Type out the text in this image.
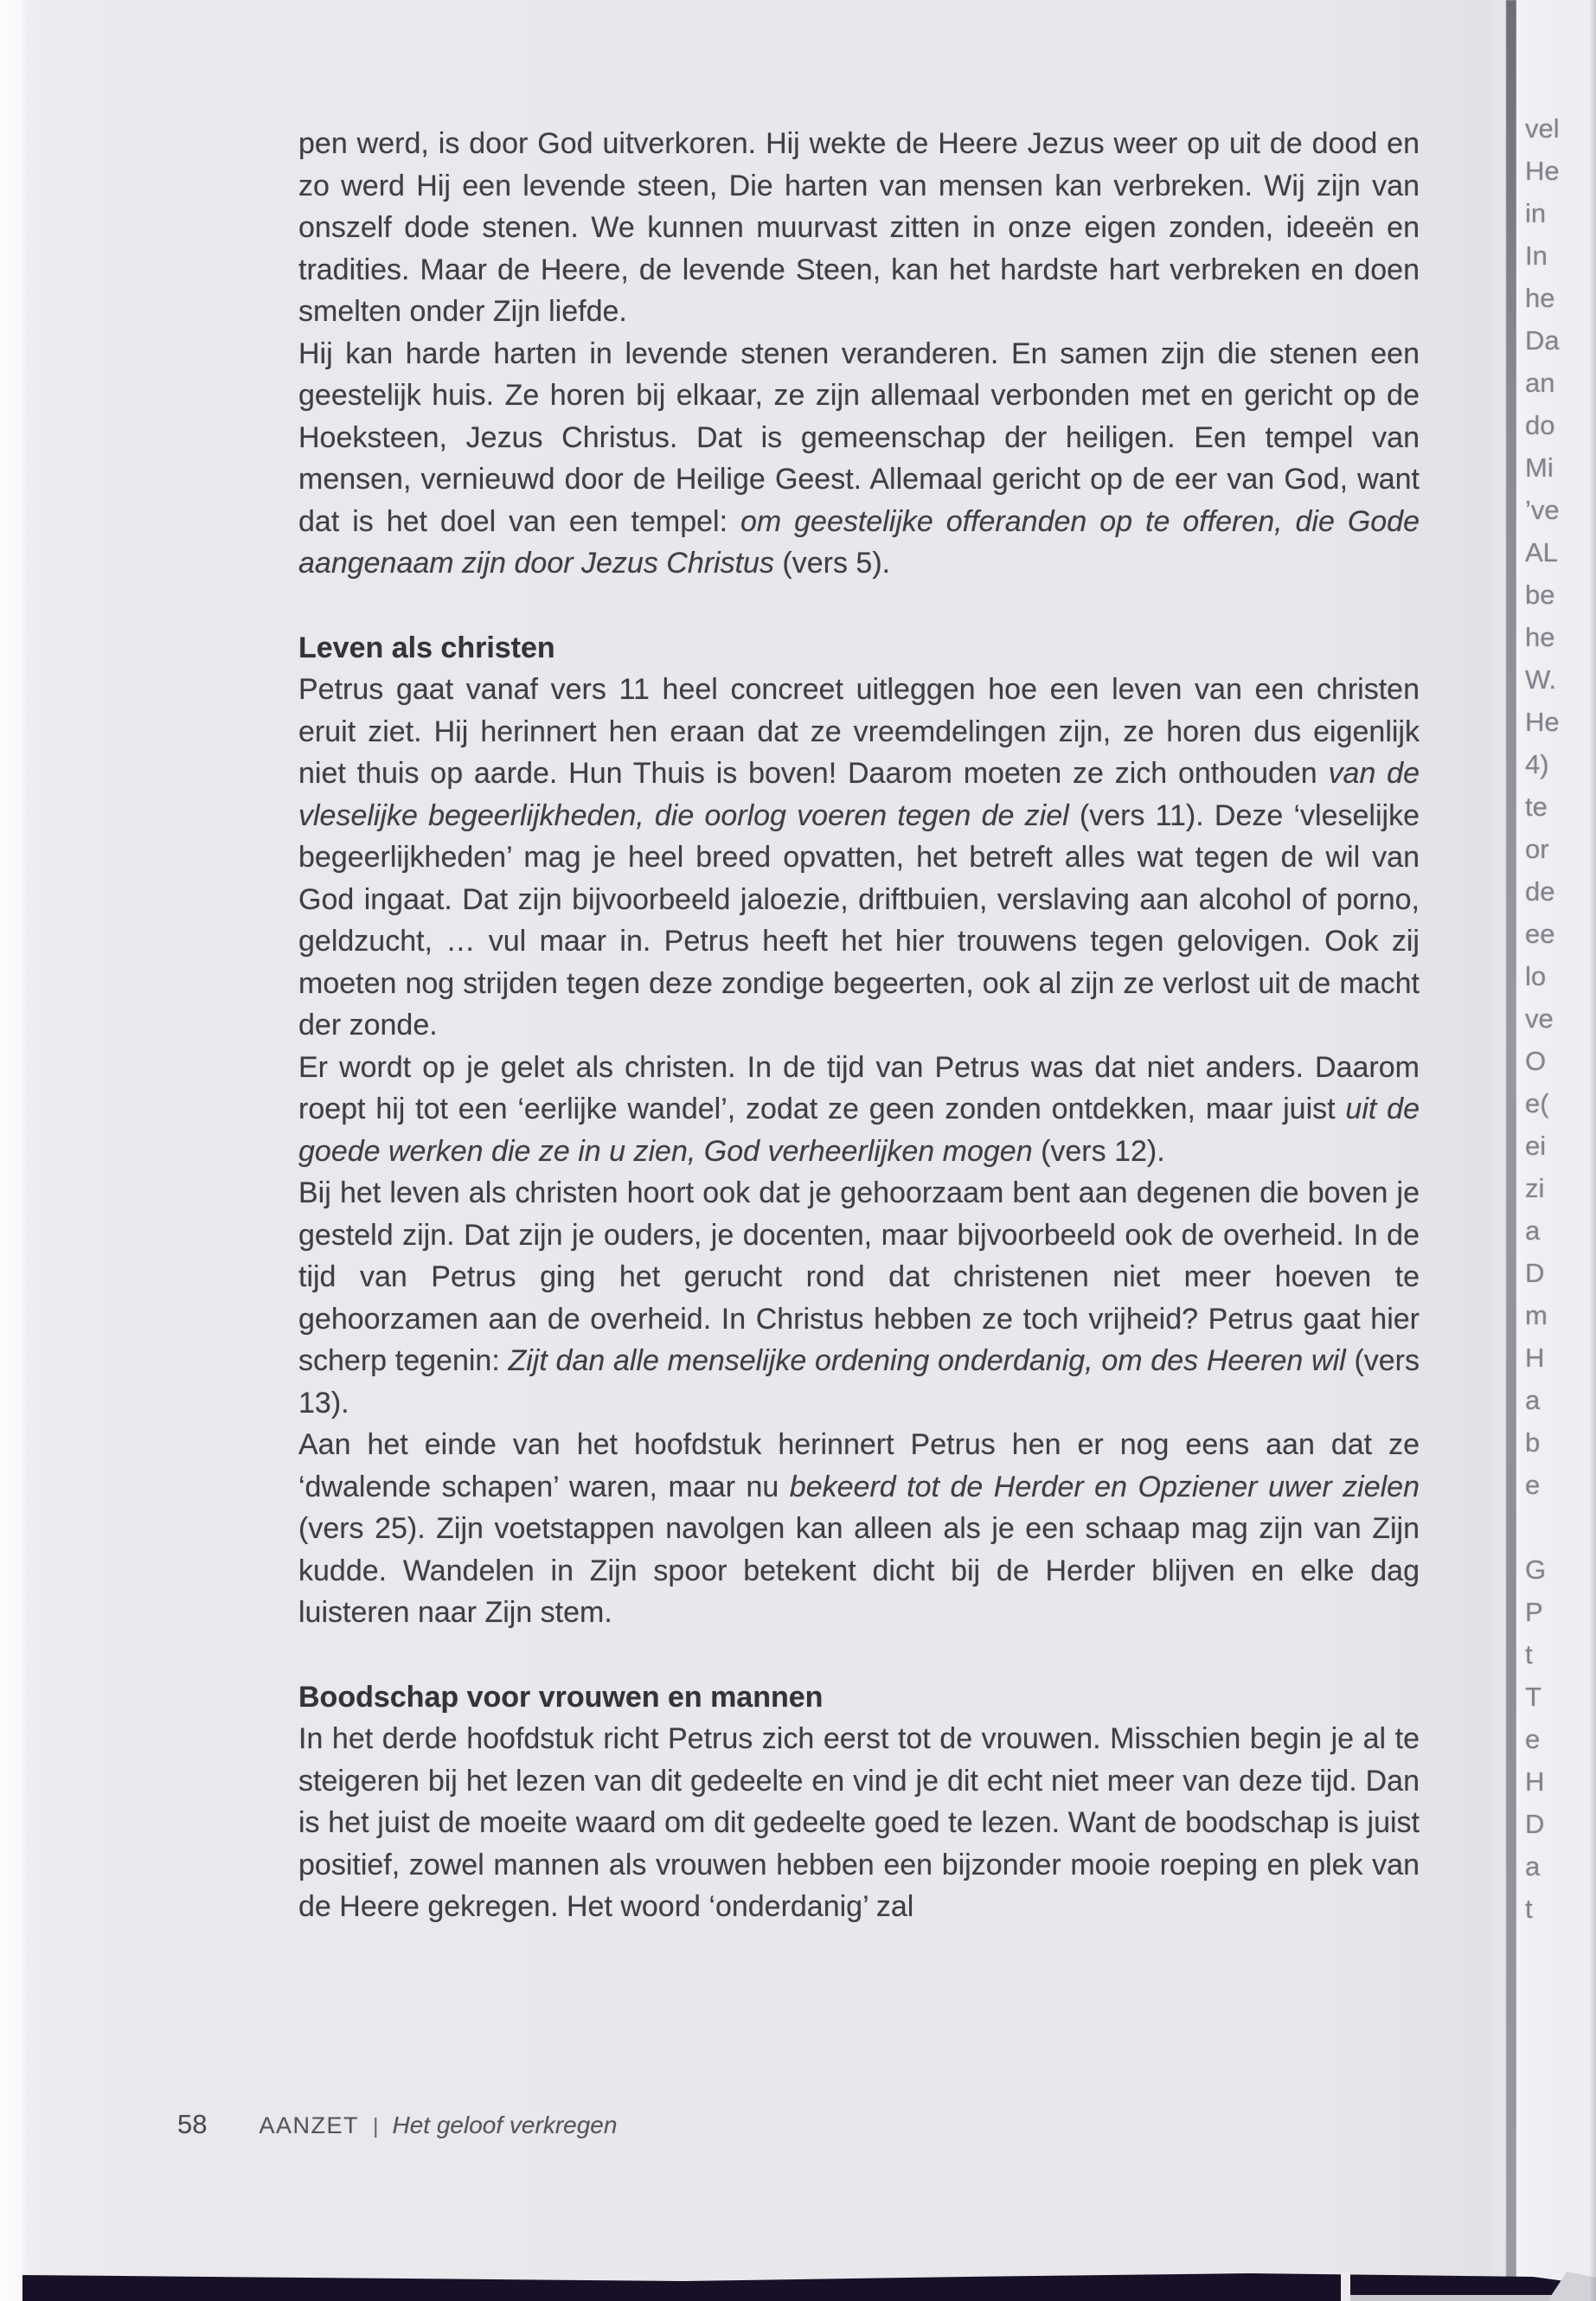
pen werd, is door God uitverkoren. Hij wekte de Heere Jezus weer op uit de dood en zo werd Hij een levende steen, Die harten van mensen kan verbreken. Wij zijn van onszelf dode stenen. We kunnen muurvast zitten in onze eigen zonden, ideeën en tradities. Maar de Heere, de levende Steen, kan het hardste hart verbreken en doen smelten onder Zijn liefde.

Hij kan harde harten in levende stenen veranderen. En samen zijn die stenen een geestelijk huis. Ze horen bij elkaar, ze zijn allemaal verbonden met en gericht op de Hoeksteen, Jezus Christus. Dat is gemeenschap der heiligen. Een tempel van mensen, vernieuwd door de Heilige Geest. Allemaal gericht op de eer van God, want dat is het doel van een tempel: om geestelijke offeranden op te offeren, die Gode aangenaam zijn door Jezus Christus (vers 5).

Leven als christen

Petrus gaat vanaf vers 11 heel concreet uitleggen hoe een leven van een christen eruit ziet. Hij herinnert hen eraan dat ze vreemdelingen zijn, ze horen dus eigenlijk niet thuis op aarde. Hun Thuis is boven! Daarom moeten ze zich onthouden van de vleselijke begeerlijkheden, die oorlog voeren tegen de ziel (vers 11). Deze ‘vleselijke begeerlijkheden’ mag je heel breed opvatten, het betreft alles wat tegen de wil van God ingaat. Dat zijn bijvoorbeeld jaloezie, driftbuien, verslaving aan alcohol of porno, geldzucht, … vul maar in. Petrus heeft het hier trouwens tegen gelovigen. Ook zij moeten nog strijden tegen deze zondige begeerten, ook al zijn ze verlost uit de macht der zonde.

Er wordt op je gelet als christen. In de tijd van Petrus was dat niet anders. Daarom roept hij tot een ‘eerlijke wandel’, zodat ze geen zonden ontdekken, maar juist uit de goede werken die ze in u zien, God verheerlijken mogen (vers 12).

Bij het leven als christen hoort ook dat je gehoorzaam bent aan degenen die boven je gesteld zijn. Dat zijn je ouders, je docenten, maar bijvoorbeeld ook de overheid. In de tijd van Petrus ging het gerucht rond dat christenen niet meer hoeven te gehoorzamen aan de overheid. In Christus hebben ze toch vrijheid? Petrus gaat hier scherp tegenin: Zijt dan alle menselijke ordening onderdanig, om des Heeren wil (vers 13).

Aan het einde van het hoofdstuk herinnert Petrus hen er nog eens aan dat ze ‘dwalende schapen’ waren, maar nu bekeerd tot de Herder en Opziener uwer zielen (vers 25). Zijn voetstappen navolgen kan alleen als je een schaap mag zijn van Zijn kudde. Wandelen in Zijn spoor betekent dicht bij de Herder blijven en elke dag luisteren naar Zijn stem.

Boodschap voor vrouwen en mannen

In het derde hoofdstuk richt Petrus zich eerst tot de vrouwen. Misschien begin je al te steigeren bij het lezen van dit gedeelte en vind je dit echt niet meer van deze tijd. Dan is het juist de moeite waard om dit gedeelte goed te lezen. Want de boodschap is juist positief, zowel mannen als vrouwen hebben een bijzonder mooie roeping en plek van de Heere gekregen. Het woord ‘onderdanig’ zal

58 AANZET | Het geloof verkregen
vel
He
in
In
he
Da
an
do
Mi
’ve
AL
be
he
W.
He
4)
te
or
de
ee
lo
ve
O
e(
ei
zi
a
D
m
H
a
b
e

G
P
t
T
e
H
D
a
t
